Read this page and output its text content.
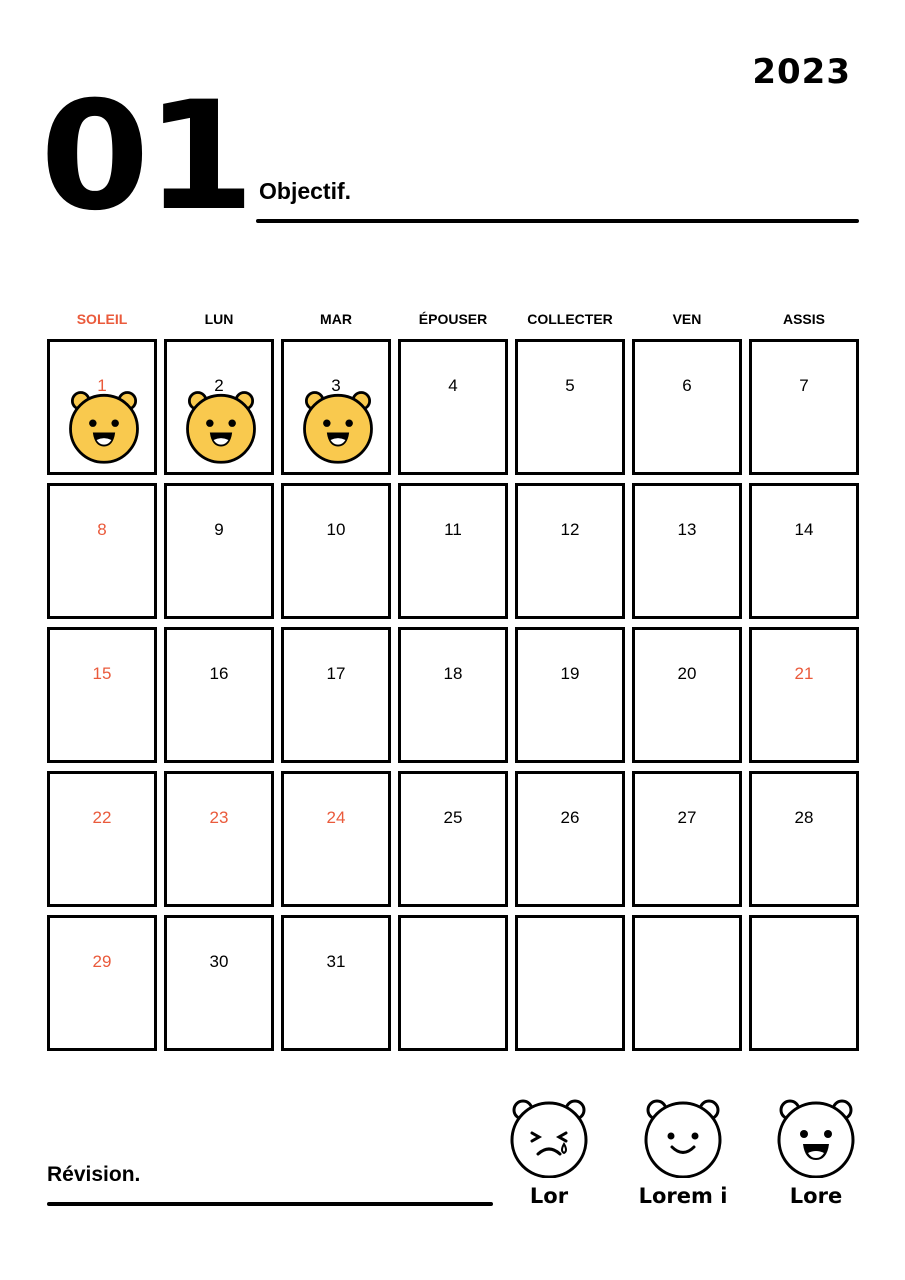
2023
01 Objectif.
SOLEIL	LUN	MAR	ÉPOUSER	COLLECTER	VEN	ASSIS
1	2	3	4	5	6	7
8	9	10	11	12	13	14
15	16	17	18	19	20	21
22	23	24	25	26	27	28
29	30	31
Révision.
Lor	Lorem i	Lore
